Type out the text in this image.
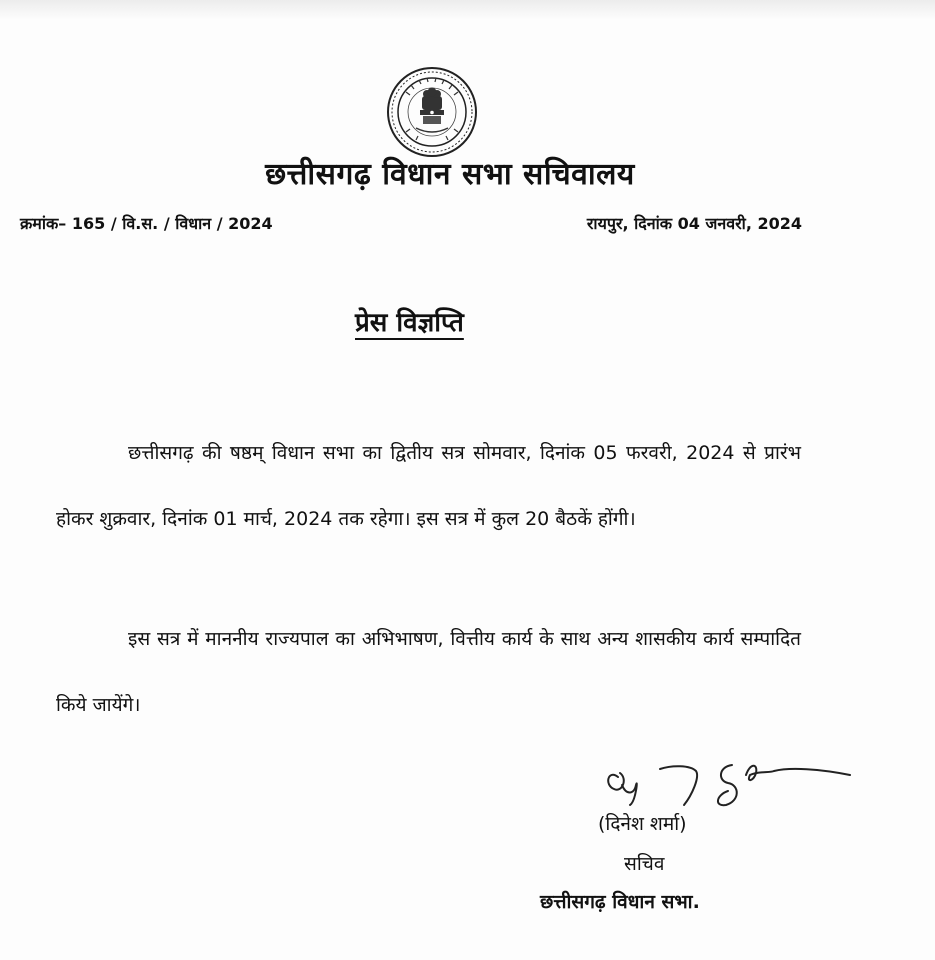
छत्तीसगढ़ विधान सभा सचिवालय
क्रमांक– 165 / वि.स. / विधान / 2024	रायपुर, दिनांक 04 जनवरी, 2024
प्रेस विज्ञप्ति
छत्तीसगढ़ की षष्ठम् विधान सभा का द्वितीय सत्र सोमवार, दिनांक 05 फरवरी, 2024 से प्रारंभ होकर शुक्रवार, दिनांक 01 मार्च, 2024 तक रहेगा। इस सत्र में कुल 20 बैठकें होंगी।
इस सत्र में माननीय राज्यपाल का अभिभाषण, वित्तीय कार्य के साथ अन्य शासकीय कार्य सम्पादित किये जायेंगे।
(दिनेश शर्मा)
सचिव
छत्तीसगढ़ विधान सभा.
